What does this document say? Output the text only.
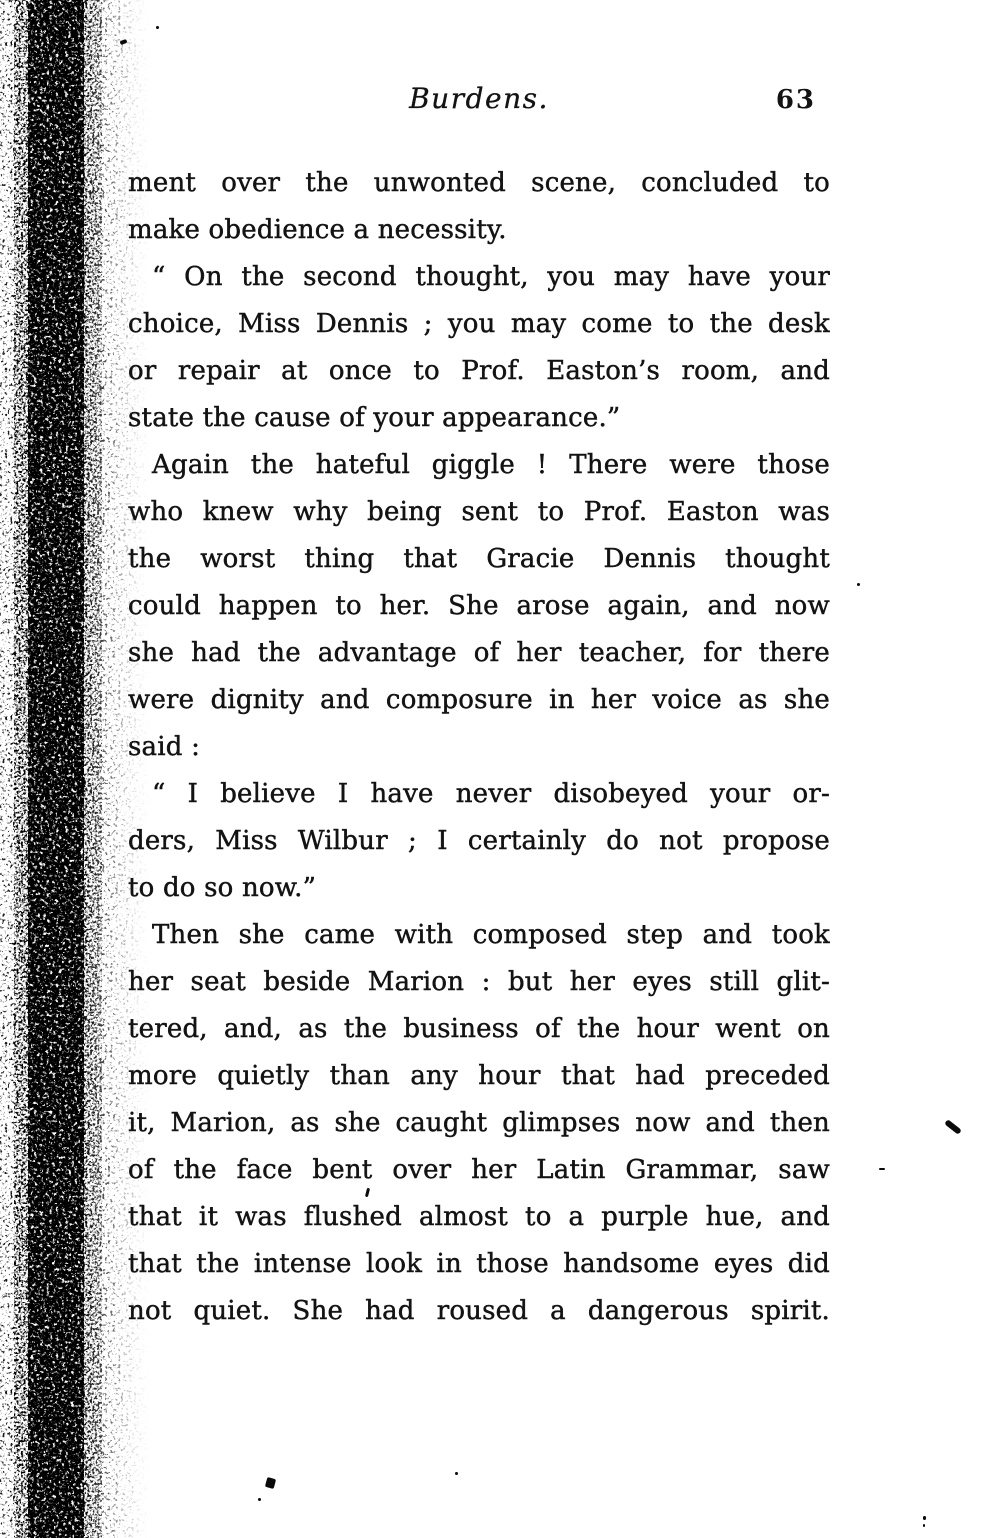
Burdens.	63
ment over the unwonted scene, concluded to
make obedience a necessity.
“ On the second thought, you may have your
choice, Miss Dennis ; you may come to the desk
or repair at once to Prof. Easton’s room, and
state the cause of your appearance.”
Again the hateful giggle ! There were those
who knew why being sent to Prof. Easton was
the worst thing that Gracie Dennis thought
could happen to her. She arose again, and now
she had the advantage of her teacher, for there
were dignity and composure in her voice as she
said :
“ I believe I have never disobeyed your or-
ders, Miss Wilbur ; I certainly do not propose
to do so now.”
Then she came with composed step and took
her seat beside Marion : but her eyes still glit-
tered, and, as the business of the hour went on
more quietly than any hour that had preceded
it, Marion, as she caught glimpses now and then
of the face bent over her Latin Grammar, saw
that it was flushed almost to a purple hue, and
that the intense look in those handsome eyes did
not quiet. She had roused a dangerous spirit.
